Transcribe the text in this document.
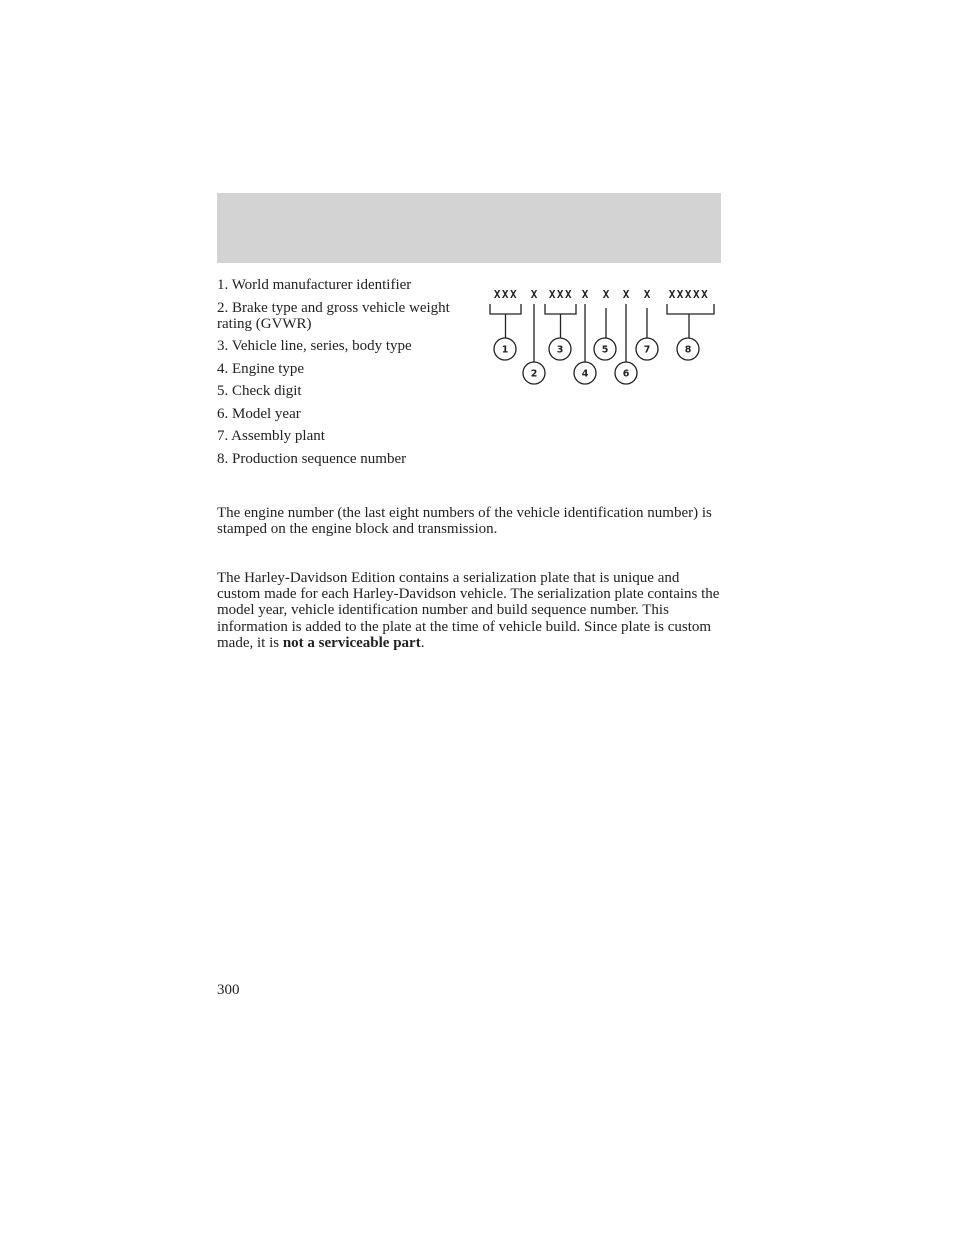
1. World manufacturer identifier
2. Brake type and gross vehicle weight rating (GVWR)
3. Vehicle line, series, body type
4. Engine type
5. Check digit
6. Model year
7. Assembly plant
8. Production sequence number
XXX X XXX X X X X XXXXX
1
2
3
4
5
6
7	8

The engine number (the last eight numbers of the vehicle identification number) is stamped on the engine block and transmission.

The Harley-Davidson Edition contains a serialization plate that is unique and custom made for each Harley-Davidson vehicle. The serialization plate contains the model year, vehicle identification number and build sequence number. This information is added to the plate at the time of vehicle build. Since plate is custom made, it is not a serviceable part.

300
